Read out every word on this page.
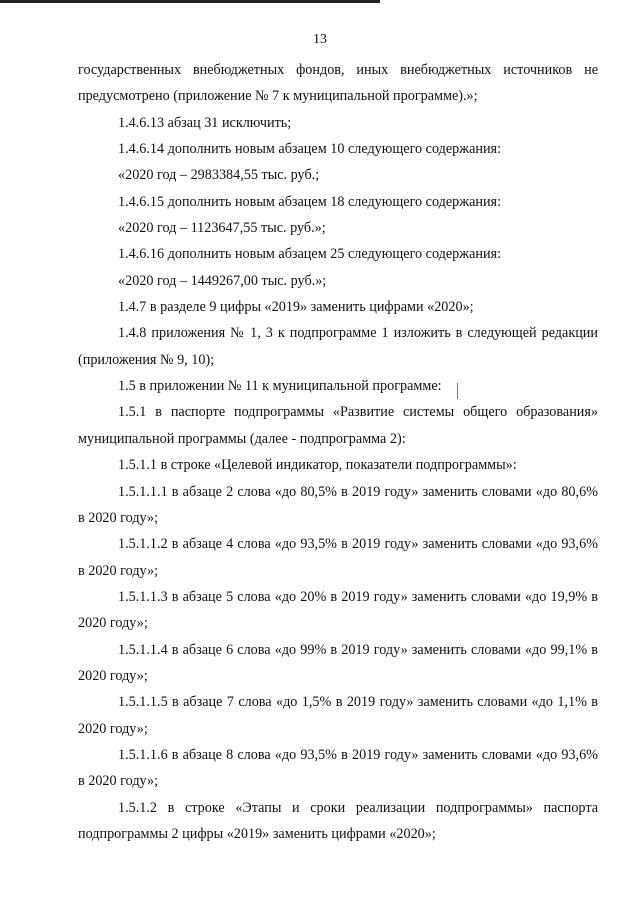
13

государственных внебюджетных фондов, иных внебюджетных источников не предусмотрено (приложение № 7 к муниципальной программе).»;

1.4.6.13 абзац 31 исключить;

1.4.6.14 дополнить новым абзацем 10 следующего содержания:

«2020 год – 2983384,55 тыс. руб.;

1.4.6.15 дополнить новым абзацем 18 следующего содержания:

«2020 год – 1123647,55 тыс. руб.»;

1.4.6.16 дополнить новым абзацем 25 следующего содержания:

«2020 год – 1449267,00 тыс. руб.»;

1.4.7 в разделе 9 цифры «2019» заменить цифрами «2020»;

1.4.8 приложения № 1, 3 к подпрограмме 1 изложить в следующей редакции (приложения № 9, 10);

1.5 в приложении № 11 к муниципальной программе:

1.5.1 в паспорте подпрограммы «Развитие системы общего образования» муниципальной программы (далее - подпрограмма 2):

1.5.1.1 в строке «Целевой индикатор, показатели подпрограммы»:

1.5.1.1.1 в абзаце 2 слова «до 80,5% в 2019 году» заменить словами «до 80,6% в 2020 году»;

1.5.1.1.2 в абзаце 4 слова «до 93,5% в 2019 году» заменить словами «до 93,6% в 2020 году»;

1.5.1.1.3 в абзаце 5 слова «до 20% в 2019 году» заменить словами «до 19,9% в 2020 году»;

1.5.1.1.4 в абзаце 6 слова «до 99% в 2019 году» заменить словами «до 99,1% в 2020 году»;

1.5.1.1.5 в абзаце 7 слова «до 1,5% в 2019 году» заменить словами «до 1,1% в 2020 году»;

1.5.1.1.6 в абзаце 8 слова «до 93,5% в 2019 году» заменить словами «до 93,6% в 2020 году»;

1.5.1.2 в строке «Этапы и сроки реализации подпрограммы» паспорта подпрограммы 2 цифры «2019» заменить цифрами «2020»;
